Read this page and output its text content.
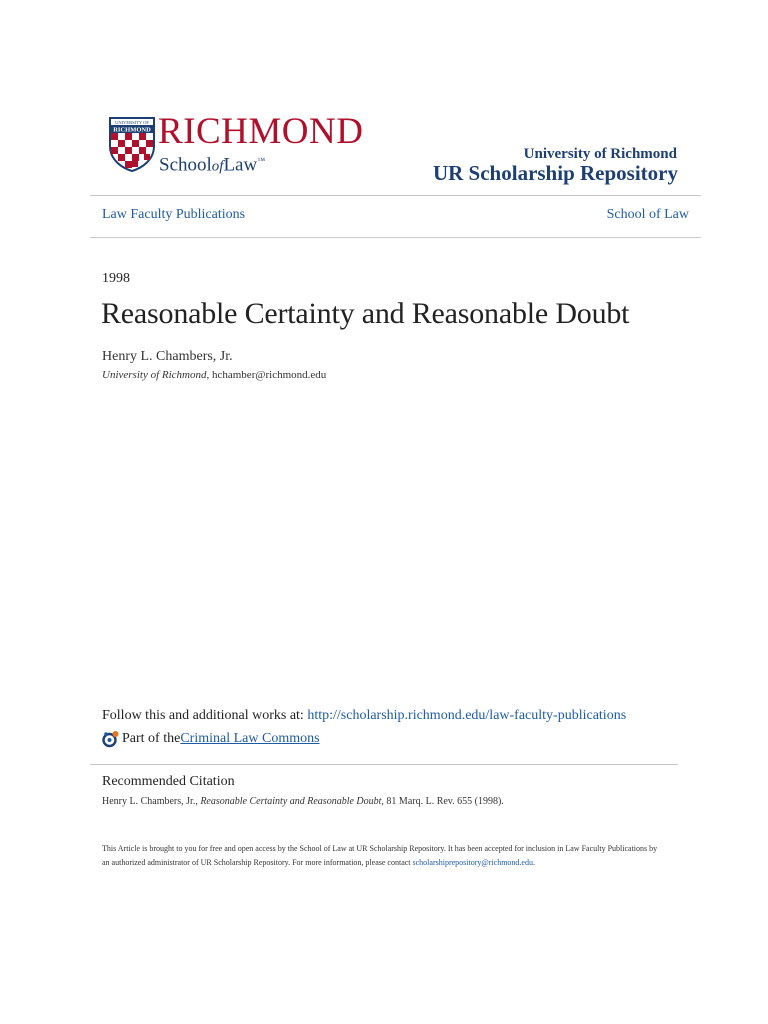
UNIVERSITY OF
RICHMOND RICHMOND
SchoolofLaw™	University of Richmond
UR Scholarship Repository
Law Faculty Publications	School of Law
1998
Reasonable Certainty and Reasonable Doubt
Henry L. Chambers, Jr.
University of Richmond, hchamber@richmond.edu
Follow this and additional works at: http://scholarship.richmond.edu/law-faculty-publications
Part of the Criminal Law Commons
Recommended Citation
Henry L. Chambers, Jr., Reasonable Certainty and Reasonable Doubt, 81 Marq. L. Rev. 655 (1998).
This Article is brought to you for free and open access by the School of Law at UR Scholarship Repository. It has been accepted for inclusion in Law Faculty Publications by an authorized administrator of UR Scholarship Repository. For more information, please contact scholarshiprepository@richmond.edu.
